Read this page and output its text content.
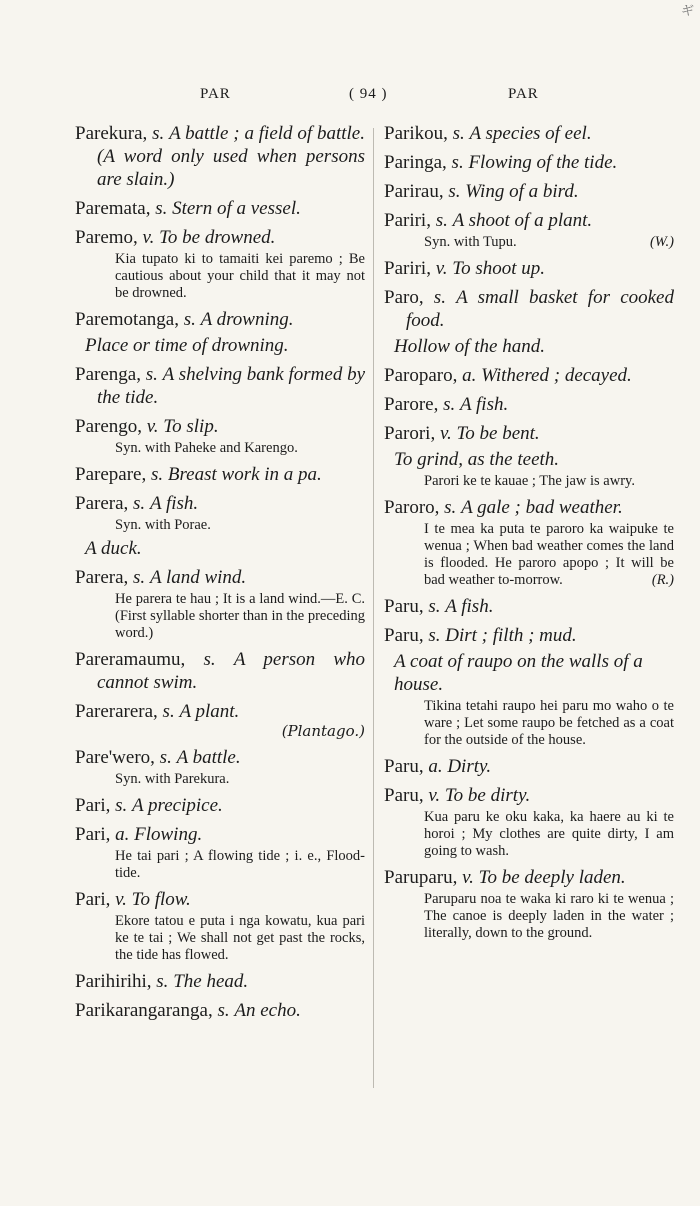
ギ
PAR	( 94 )	PAR
Parekura, s. A battle ; a field of battle. (A word only used when persons are slain.)
Paremata, s. Stern of a vessel.
Paremo, v. To be drowned.
Kia tupato ki to tamaiti kei paremo ; Be cautious about your child that it may not be drowned.
Paremotanga, s. A drowning.
Place or time of drowning.
Parenga, s. A shelving bank formed by the tide.
Parengo, v. To slip.
Syn. with Paheke and Karengo.
Parepare, s. Breast work in a pa.
Parera, s. A fish.
Syn. with Porae.
A duck.
Parera, s. A land wind.
He parera te hau ; It is a land wind.—E. C. (First syllable shorter than in the preceding word.)
Pareramaumu, s. A person who cannot swim.
Parerarera, s. A plant.
(Plantago.)
Pare'wero, s. A battle.
Syn. with Parekura.
Pari, s. A precipice.
Pari, a. Flowing.
He tai pari ; A flowing tide ; i. e., Flood-tide.
Pari, v. To flow.
Ekore tatou e puta i nga kowatu, kua pari ke te tai ; We shall not get past the rocks, the tide has flowed.
Parihirihi, s. The head.
Parikarangaranga, s. An echo.
Parikou, s. A species of eel.
Paringa, s. Flowing of the tide.
Parirau, s. Wing of a bird.
Pariri, s. A shoot of a plant.
Syn. with Tupu.	(W.)
Pariri, v. To shoot up.
Paro, s. A small basket for cooked food.
Hollow of the hand.
Paroparo, a. Withered ; decayed.
Parore, s. A fish.
Parori, v. To be bent.
To grind, as the teeth.
Parori ke te kauae ; The jaw is awry.
Paroro, s. A gale ; bad weather.
I te mea ka puta te paroro ka waipuke te wenua ; When bad weather comes the land is flooded. He paroro apopo ; It will be bad weather to-morrow.	(R.)
Paru, s. A fish.
Paru, s. Dirt ; filth ; mud.
A coat of raupo on the walls of a house.
Tikina tetahi raupo hei paru mo waho o te ware ; Let some raupo be fetched as a coat for the outside of the house.
Paru, a. Dirty.
Paru, v. To be dirty.
Kua paru ke oku kaka, ka haere au ki te horoi ; My clothes are quite dirty, I am going to wash.
Paruparu, v. To be deeply laden.
Paruparu noa te waka ki raro ki te wenua ; The canoe is deeply laden in the water ; literally, down to the ground.
